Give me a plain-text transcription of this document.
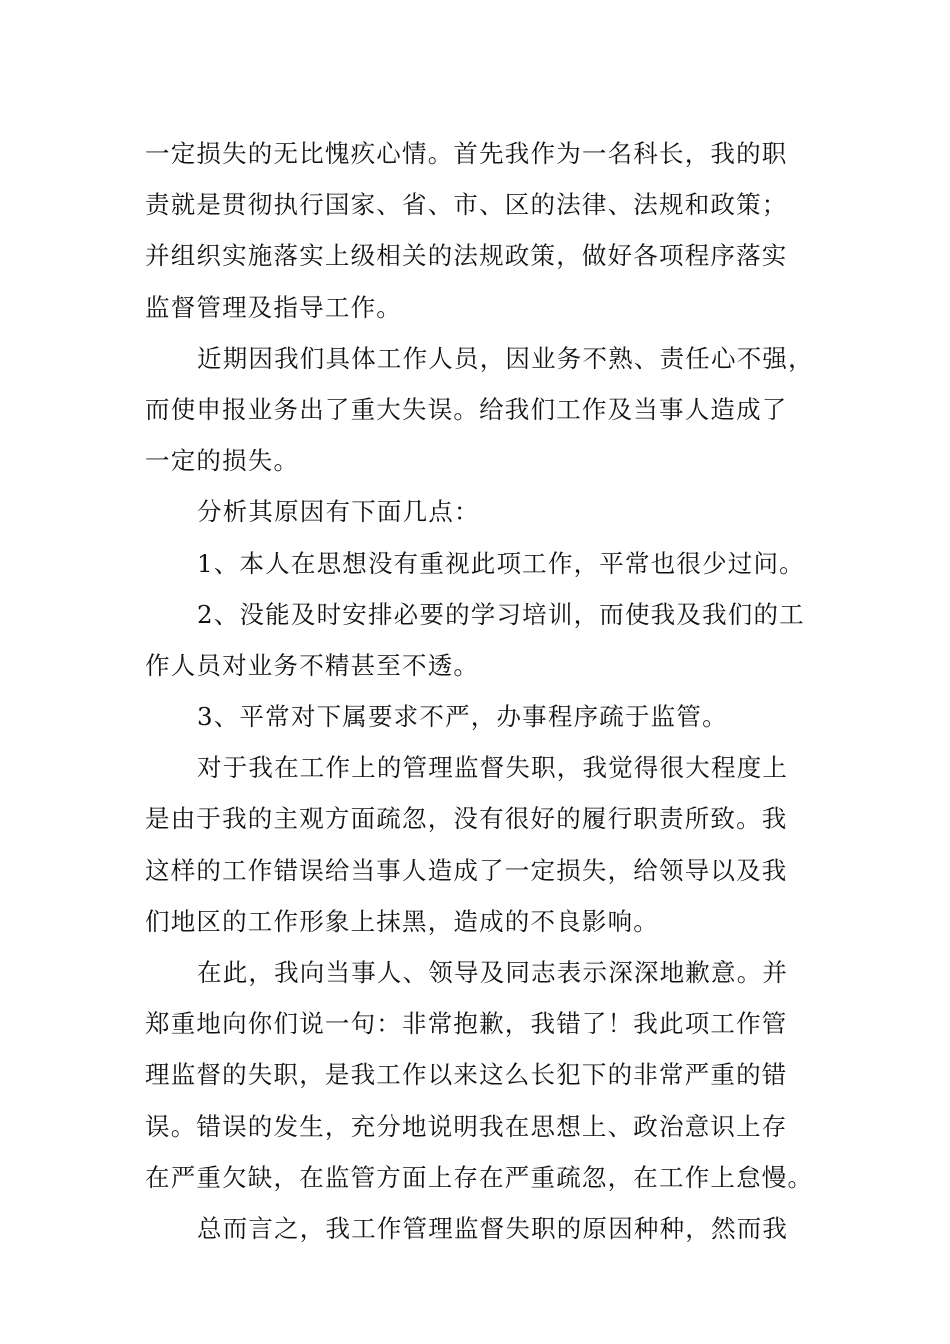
一定损失的无比愧疚心情。首先我作为一名科长，我的职
责就是贯彻执行国家、省、市、区的法律、法规和政策；
并组织实施落实上级相关的法规政策，做好各项程序落实
监督管理及指导工作。
近期因我们具体工作人员，因业务不熟、责任心不强，
而使申报业务出了重大失误。给我们工作及当事人造成了
一定的损失。
分析其原因有下面几点：
1、本人在思想没有重视此项工作，平常也很少过问。
2、没能及时安排必要的学习培训，而使我及我们的工
作人员对业务不精甚至不透。
3、平常对下属要求不严，办事程序疏于监管。
对于我在工作上的管理监督失职，我觉得很大程度上
是由于我的主观方面疏忽，没有很好的履行职责所致。我
这样的工作错误给当事人造成了一定损失，给领导以及我
们地区的工作形象上抹黑，造成的不良影响。
在此，我向当事人、领导及同志表示深深地歉意。并
郑重地向你们说一句：非常抱歉，我错了！我此项工作管
理监督的失职，是我工作以来这么长犯下的非常严重的错
误。错误的发生，充分地说明我在思想上、政治意识上存
在严重欠缺，在监管方面上存在严重疏忽，在工作上怠慢。
总而言之，我工作管理监督失职的原因种种，然而我
